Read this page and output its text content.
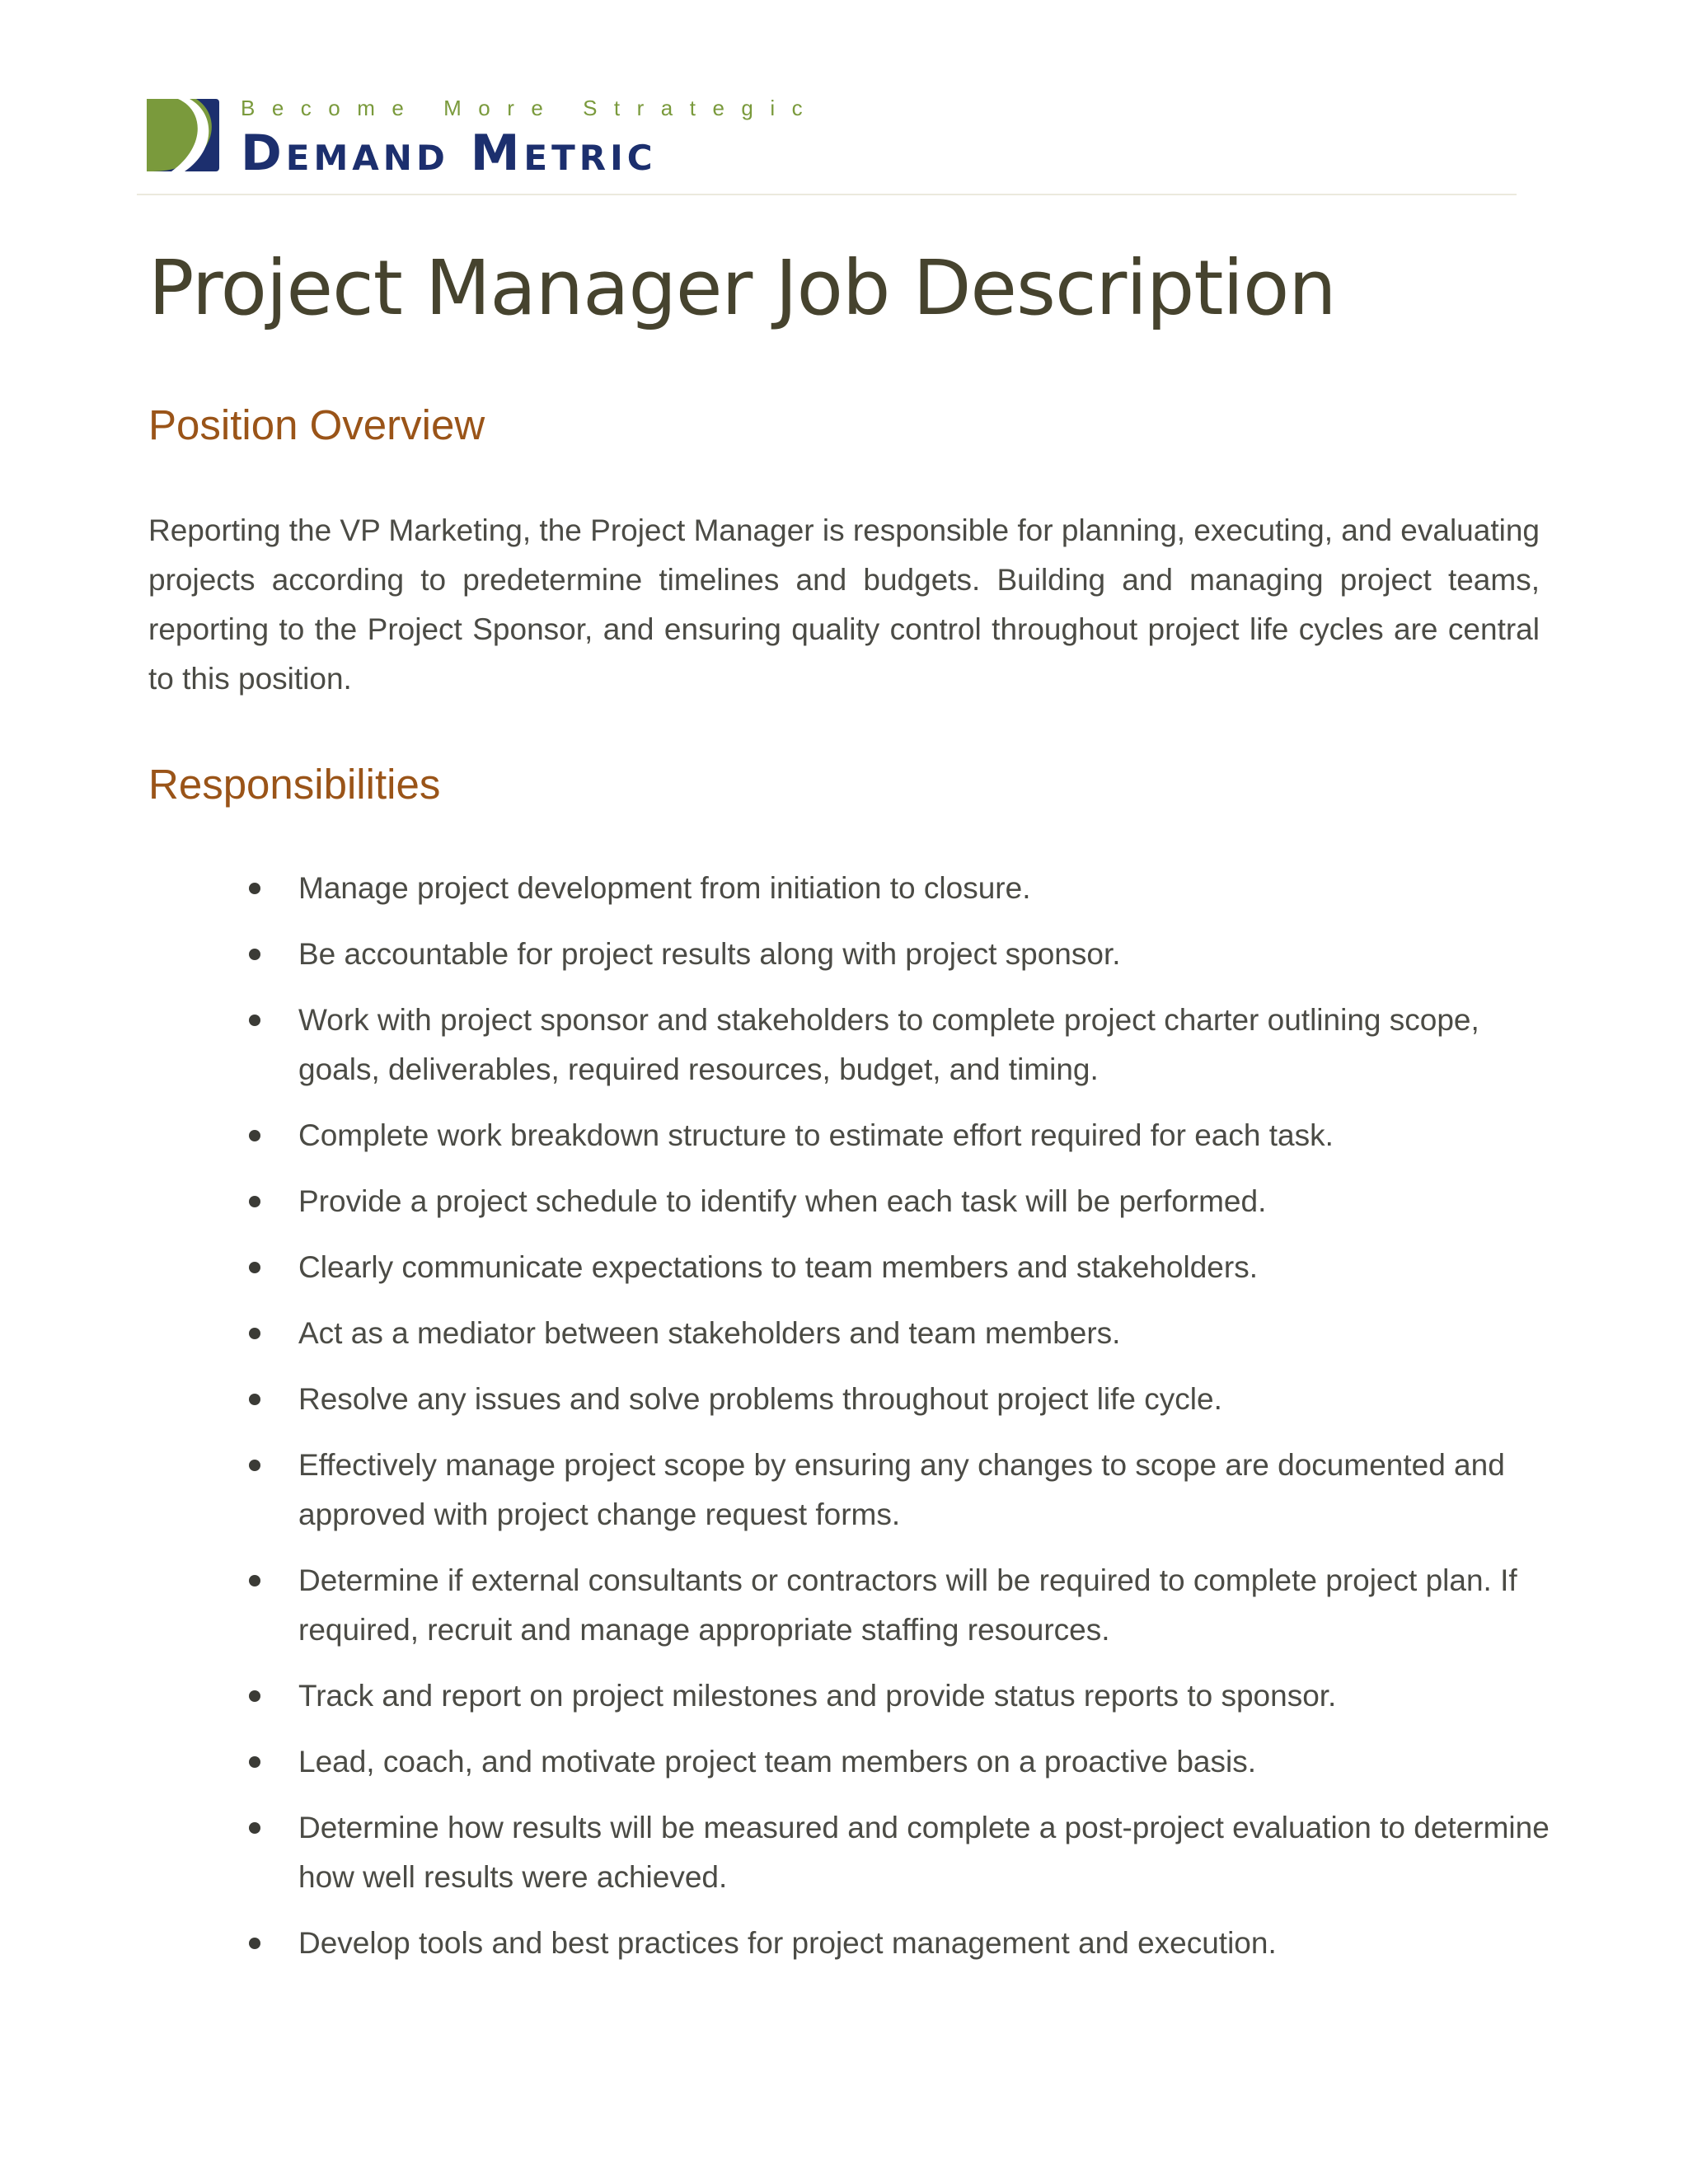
Become More Strategic
Demand Metric
Project Manager Job Description
Position Overview

Reporting the VP Marketing, the Project Manager is responsible for planning, executing, and evaluating projects according to predetermine timelines and budgets. Building and managing project teams, reporting to the Project Sponsor, and ensuring quality control throughout project life cycles are central to this position.

Responsibilities
Manage project development from initiation to closure.
Be accountable for project results along with project sponsor.
Work with project sponsor and stakeholders to complete project charter outlining scope, goals, deliverables, required resources, budget, and timing.
Complete work breakdown structure to estimate effort required for each task.
Provide a project schedule to identify when each task will be performed.
Clearly communicate expectations to team members and stakeholders.
Act as a mediator between stakeholders and team members.
Resolve any issues and solve problems throughout project life cycle.
Effectively manage project scope by ensuring any changes to scope are documented and approved with project change request forms.
Determine if external consultants or contractors will be required to complete project plan. If required, recruit and manage appropriate staffing resources.
Track and report on project milestones and provide status reports to sponsor.
Lead, coach, and motivate project team members on a proactive basis.
Determine how results will be measured and complete a post-project evaluation to determine how well results were achieved.
Develop tools and best practices for project management and execution.
